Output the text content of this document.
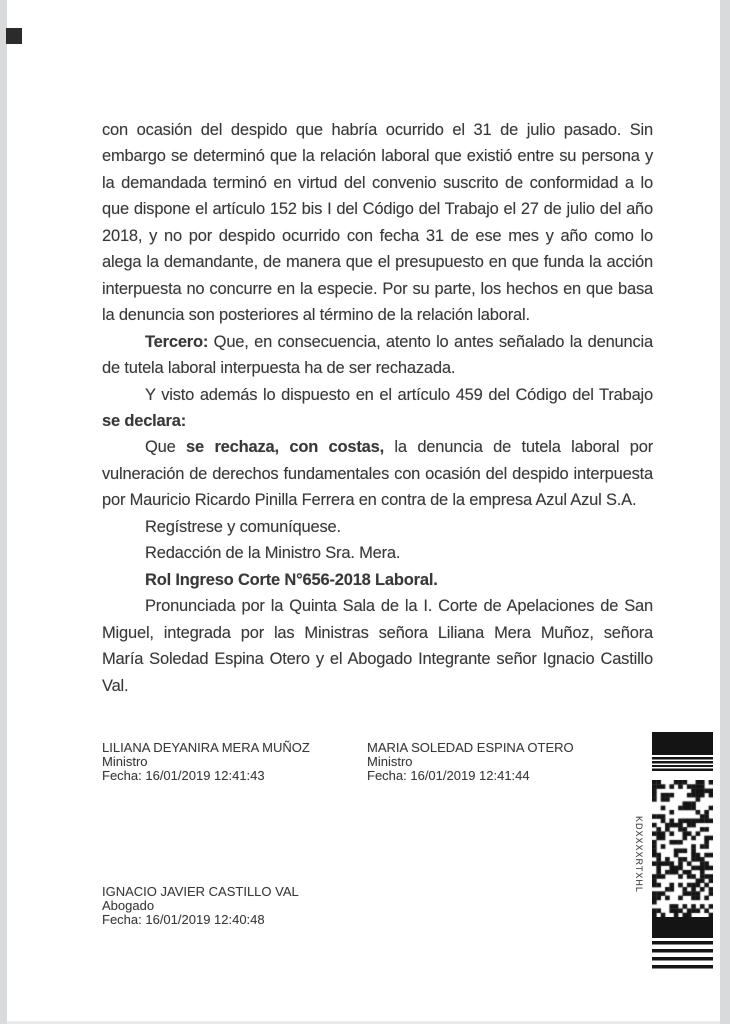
con ocasión del despido que habría ocurrido el 31 de julio pasado. Sin
embargo se determinó que la relación laboral que existió entre su persona y
la demandada terminó en virtud del convenio suscrito de conformidad a lo
que dispone el artículo 152 bis I del Código del Trabajo el 27 de julio del año
2018, y no por despido ocurrido con fecha 31 de ese mes y año como lo
alega la demandante, de manera que el presupuesto en que funda la acción
interpuesta no concurre en la especie. Por su parte, los hechos en que basa
la denuncia son posteriores al término de la relación laboral.
Tercero: Que, en consecuencia, atento lo antes señalado la denuncia
de tutela laboral interpuesta ha de ser rechazada.
Y visto además lo dispuesto en el artículo 459 del Código del Trabajo
se declara:
Que se rechaza, con costas, la denuncia de tutela laboral por
vulneración de derechos fundamentales con ocasión del despido interpuesta
por Mauricio Ricardo Pinilla Ferrera en contra de la empresa Azul Azul S.A.
Regístrese y comuníquese.
Redacción de la Ministro Sra. Mera.
Rol Ingreso Corte N°656-2018 Laboral.
Pronunciada por la Quinta Sala de la I. Corte de Apelaciones de San
Miguel, integrada por las Ministras señora Liliana Mera Muñoz, señora
María Soledad Espina Otero y el Abogado Integrante señor Ignacio Castillo
Val.
LILIANA DEYANIRA MERA MUÑOZ
Ministro
Fecha: 16/01/2019 12:41:43
MARIA SOLEDAD ESPINA OTERO
Ministro
Fecha: 16/01/2019 12:41:44
IGNACIO JAVIER CASTILLO VAL
Abogado
Fecha: 16/01/2019 12:40:48
KDXXXXRTXHL
